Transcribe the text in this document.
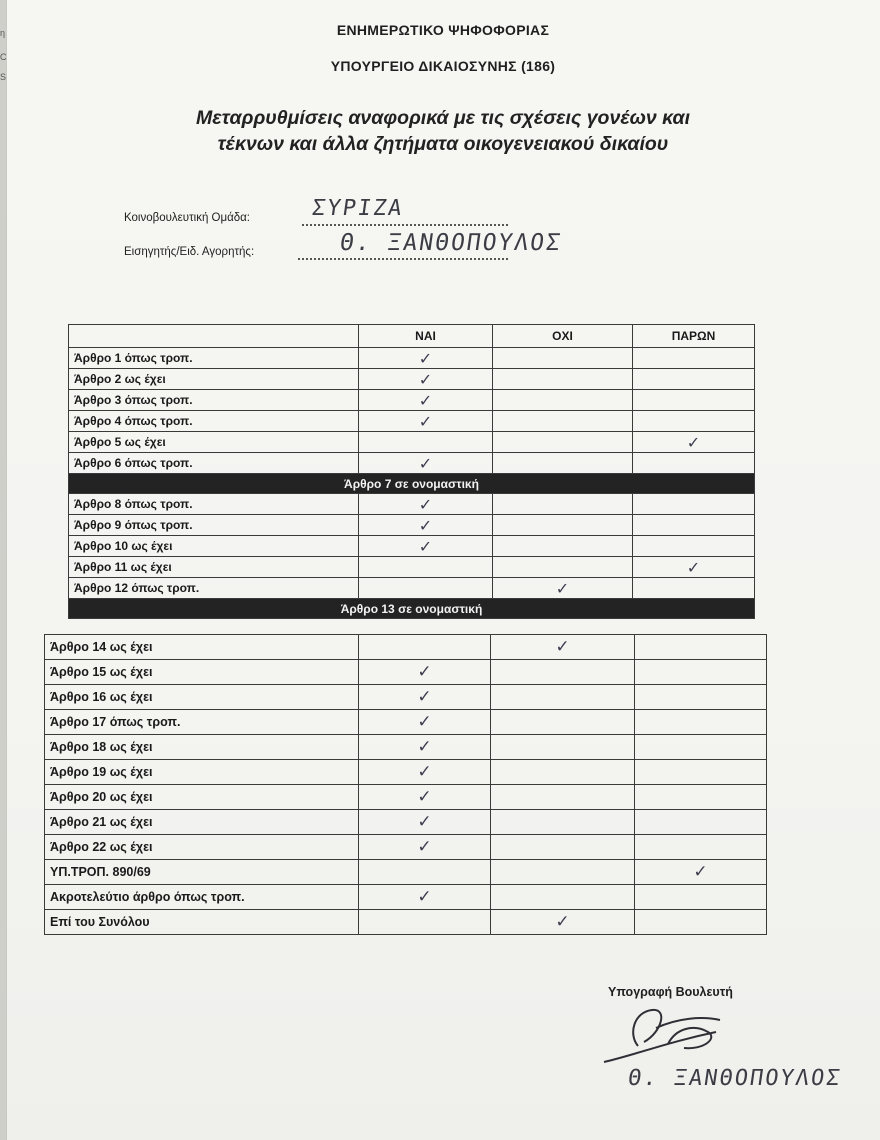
η
C
S
ΕΝΗΜΕΡΩΤΙΚΟ ΨΗΦΟΦΟΡΙΑΣ
ΥΠΟΥΡΓΕΙΟ ΔΙΚΑΙΟΣΥΝΗΣ (186)
Μεταρρυθμίσεις αναφορικά με τις σχέσεις γονέων και
τέκνων και άλλα ζητήματα οικογενειακού δικαίου
Κοινοβουλευτική Ομάδα:	ΣΥΡΙΖΑ
Εισηγητής/Ειδ. Αγορητής:	Θ. ΞΑΝΘΟΠΟΥΛΟΣ
	ΝΑΙ	ΟΧΙ	ΠΑΡΩΝ
Άρθρο 1 όπως τροπ.	✓		
Άρθρο 2 ως έχει	✓		
Άρθρο 3 όπως τροπ.	✓		
Άρθρο 4 όπως τροπ.	✓		
Άρθρο 5 ως έχει			✓
Άρθρο 6 όπως τροπ.	✓		
Άρθρο 7 σε ονομαστική			
Άρθρο 8 όπως τροπ.	✓		
Άρθρο 9 όπως τροπ.	✓		
Άρθρο 10 ως έχει	✓		
Άρθρο 11 ως έχει			✓
Άρθρο 12 όπως τροπ.		✓	
Άρθρο 13 σε ονομαστική			
Άρθρο 14 ως έχει		✓	
Άρθρο 15 ως έχει	✓		
Άρθρο 16 ως έχει	✓		
Άρθρο 17 όπως τροπ.	✓		
Άρθρο 18 ως έχει	✓		
Άρθρο 19 ως έχει	✓		
Άρθρο 20 ως έχει	✓		
Άρθρο 21 ως έχει	✓		
Άρθρο 22 ως έχει	✓		
ΥΠ.ΤΡΟΠ. 890/69			✓
Ακροτελεύτιο άρθρο όπως τροπ.	✓		
Επί του Συνόλου		✓	
Υπογραφή Βουλευτή
Θ. ΞΑΝΘΟΠΟΥΛΟΣ
